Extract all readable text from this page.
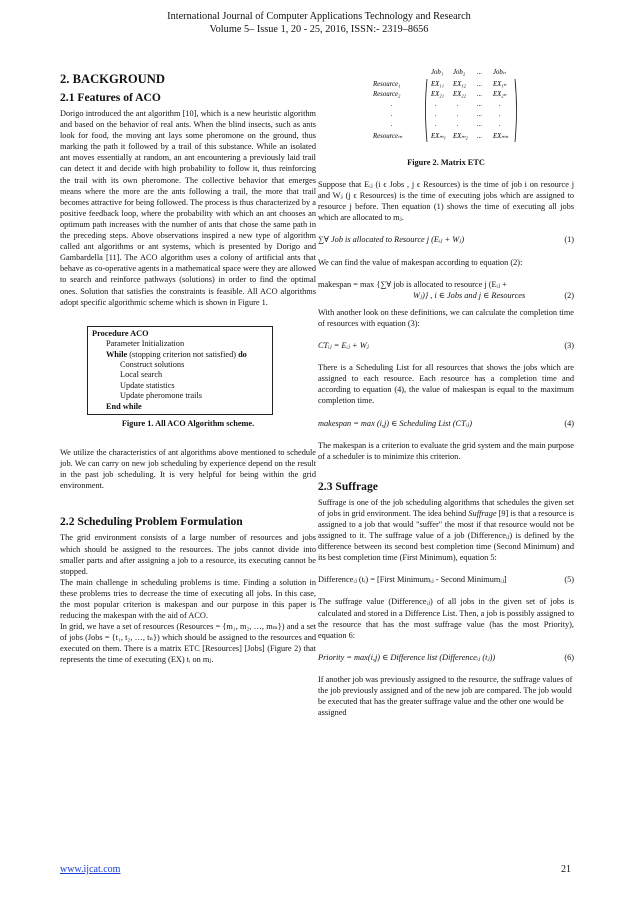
International Journal of Computer Applications Technology and Research
Volume 5– Issue 1, 20 - 25, 2016, ISSN:- 2319–8656
2. BACKGROUND
2.1 Features of ACO

Dorigo introduced the ant algorithm [10], which is a new heuristic algorithm and based on the behavior of real ants. When the blind insects, such as ants look for food, the moving ant lays some pheromone on the ground, thus marking the path it followed by a trail of this substance. While an isolated ant moves essentially at random, an ant encountering a previously laid trail can detect it and decide with high probability to follow it, thus reinforcing the trail with its own pheromone. The collective behavior that emerges means where the more are the ants following a trail, the more that trail becomes attractive for being followed. The process is thus characterized by a positive feedback loop, where the probability with which an ant chooses an optimum path increases with the number of ants that chose the same path in the preceding steps. Above observations inspired a new type of algorithm called ant algorithms or ant systems, which is presented by Dorigo and Gambardella [11]. The ACO algorithm uses a colony of artificial ants that behave as co-operative agents in a mathematical space were they are allowed to search and reinforce pathways (solutions) in order to find the optimal ones. Solution that satisfies the constraints is feasible. All ACO algorithms adopt specific algorithmic scheme which is shown in Figure 1.

Procedure ACO
Parameter Initialization
While (stopping criterion not satisfied) do
Construct solutions
Local search
Update statistics
Update pheromone trails
End while
Figure 1. All ACO Algorithm scheme.

We utilize the characteristics of ant algorithms above mentioned to schedule job. We can carry on new job scheduling by experience depend on the result in the past job scheduling. It is very helpful for being within the grid environment.

2.2 Scheduling Problem Formulation

The grid environment consists of a large number of resources and jobs which should be assigned to the resources. The jobs cannot divide into smaller parts and after assigning a job to a resource, its executing cannot be stopped.

The main challenge in scheduling problems is time. Finding a solution in these problems tries to decrease the time of executing all jobs. In this case, the most popular criterion is makespan and our purpose in this paper is reducing the makespan with the aid of ACO.

In grid, we have a set of resources (Resources = {m₁, m₂, …, mₘ}) and a set of jobs (Jobs = {t₁, t₂, …, tₙ}) which should be assigned to the resources and executed on them. There is a matrix ETC [Resources] [Jobs] (Figure 2) that represents the time of executing (EX) tᵢ on mⱼ.

Job₁ Job₂ ... Jobₙ
Resource₁	EX₁₁ EX₁₂ ... EX₁ₙ
Resource₂	EX₂₁ EX₂₂ ... EX₂ₙ
.	.	.	... .
.	.	.	... .
.	.	.	... .
Resourceₘ	EXₘ₁ EXₘ₂ ... EXₘₙ
Figure 2. Matrix ETC

Suppose that Eᵢⱼ (i ϵ Jobs , j ϵ Resources) is the time of job i on resource j and Wⱼ (j ϵ Resources) is the time of executing jobs which are assigned to resource j before. Then equation (1) shows the time of executing all jobs which are allocated to mⱼ.

∑∀ Job is allocated to Resource j (Eᵢⱼ + Wⱼ)	(1)

We can find the value of makespan according to equation (2):

makespan = max {∑∀ job is allocated to resource j (Eᵢⱼ +
Wⱼ)} , i ∈ Jobs and j ∈ Resources	(2)

With another look on these definitions, we can calculate the completion time of resources with equation (3):

CTᵢⱼ = Eᵢⱼ + Wⱼ	(3)

There is a Scheduling List for all resources that shows the jobs which are assigned to each resource. Each resource has a completion time and according to equation (4), the value of makespan is equal to the maximum completion time.

makespan = max (i,j) ∈ Scheduling List (CTᵢⱼ)	(4)

The makespan is a criterion to evaluate the grid system and the main purpose of a scheduler is to minimize this criterion.

2.3 Suffrage

Suffrage is one of the job scheduling algorithms that schedules the given set of jobs in grid environment. The idea behind Suffrage [9] is that a resource is assigned to a job that would "suffer" the most if that resource would not be assigned to it. The suffrage value of a job (Differenceᵢⱼ) is defined by the difference between its second best completion time (Second Minimum) and its best completion time (First Minimum), equation 5:

Differenceᵢⱼ (tᵢ) = [First Minimumᵢⱼ - Second Minimumᵢⱼ]	(5)

The suffrage value (Differenceᵢⱼ) of all jobs in the given set of jobs is calculated and stored in a Difference List. Then, a job is possibly assigned to the resource that has the most suffrage value (has the most Priority), equation 6:

Priority = max(i,j) ∈ Difference list (Differenceᵢⱼ (tⱼ))	(6)

If another job was previously assigned to the resource, the suffrage values of the job previously assigned and of the new job are compared. The job would be executed that has the greater suffrage value and the other one would be assigned

www.ijcat.com	21
